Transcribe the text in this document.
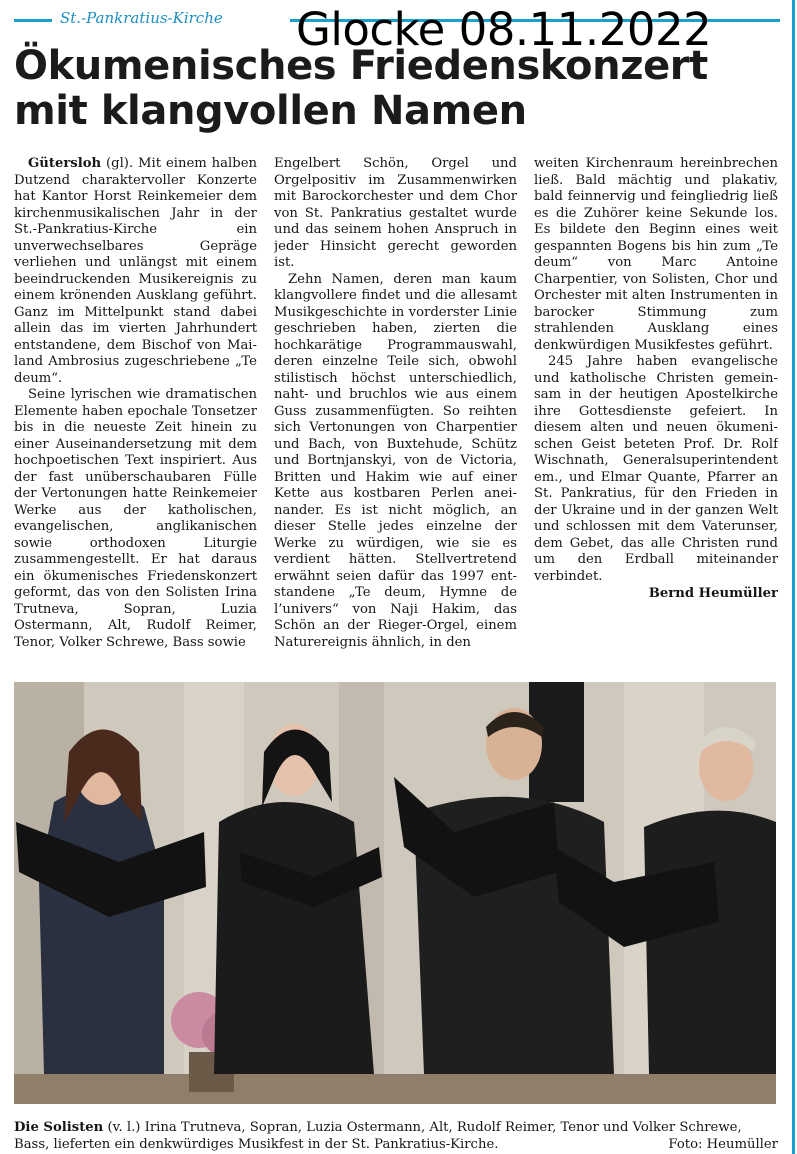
St.-Pankratius-Kirche Glocke 08.11.2022
Ökumenisches Friedenskonzert
mit klangvollen Namen

Gütersloh (gl). Mit einem halben Dutzend charaktervoller Konzerte hat Kantor Horst Reinkemeier dem kirchenmusikalischen Jahr in der St.-Pankratius-Kirche ein unverwechselbares Gepräge verliehen und unlängst mit einem beeindruckenden Musikereignis zu einem krönenden Ausklang geführt. Ganz im Mittelpunkt stand dabei allein das im vierten Jahrhundert entstandene, dem Bischof von Mailand Ambrosius zugeschriebene „Te deum“.

Seine lyrischen wie dramatischen Elemente haben epochale Tonsetzer bis in die neueste Zeit hinein zu einer Auseinandersetzung mit dem hochpoetischen Text inspiriert. Aus der fast unüberschaubaren Fülle der Vertonungen hatte Reinkemeier Werke aus der katholischen, evangelischen, anglikanischen sowie orthodoxen Liturgie zusammengestellt. Er hat daraus ein ökumenisches Friedenskonzert geformt, das von den Solisten Irina Trutneva, Sopran, Luzia Ostermann, Alt, Rudolf Reimer, Tenor, Volker Schrewe, Bass sowie

Engelbert Schön, Orgel und Orgelpositiv im Zusammenwirken mit Barockorchester und dem Chor von St. Pankratius gestaltet wurde und das seinem hohen Anspruch in jeder Hinsicht gerecht geworden ist.

Zehn Namen, deren man kaum klangvollere findet und die allesamt Musikgeschichte in vorderster Linie geschrieben haben, zierten die hochkarätige Programmauswahl, deren einzelne Teile sich, obwohl stilistisch höchst unterschiedlich, naht- und bruchlos wie aus einem Guss zusammenfügten. So reihten sich Vertonungen von Charpentier und Bach, von Buxtehude, Schütz und Bortnjanskyi, von de Victoria, Britten und Hakim wie auf einer Kette aus kostbaren Perlen aneinander. Es ist nicht möglich, an dieser Stelle jedes einzelne der Werke zu würdigen, wie sie es verdient hätten. Stellvertretend erwähnt seien dafür das 1997 entstandene „Te deum, Hymne de l’univers“ von Naji Hakim, das Schön an der Rieger-Orgel, einem Naturereignis ähnlich, in den

weiten Kirchenraum hereinbrechen ließ. Bald mächtig und plakativ, bald feinnervig und feingliedrig ließ es die Zuhörer keine Sekunde los. Es bildete den Beginn eines weit gespannten Bogens bis hin zum „Te deum“ von Marc Antoine Charpentier, von Solisten, Chor und Orchester mit alten Instrumenten in barocker Stimmung zum strahlenden Ausklang eines denkwürdigen Musikfestes geführt.

245 Jahre haben evangelische und katholische Christen gemeinsam in der heutigen Apostelkirche ihre Gottesdienste gefeiert. In diesem alten und neuen ökumenischen Geist beteten Prof. Dr. Rolf Wischnath, Generalsuperintendent em., und Elmar Quante, Pfarrer an St. Pankratius, für den Frieden in der Ukraine und in der ganzen Welt und schlossen mit dem Vaterunser, dem Gebet, das alle Christen rund um den Erdball miteinander verbindet.

Bernd Heumüller
Die Solisten (v. l.) Irina Trutneva, Sopran, Luzia Ostermann, Alt, Rudolf Reimer, Tenor und Volker Schrewe, Bass, lieferten ein denkwürdiges Musikfest in der St. Pankratius-Kirche.	Foto: Heumüller
